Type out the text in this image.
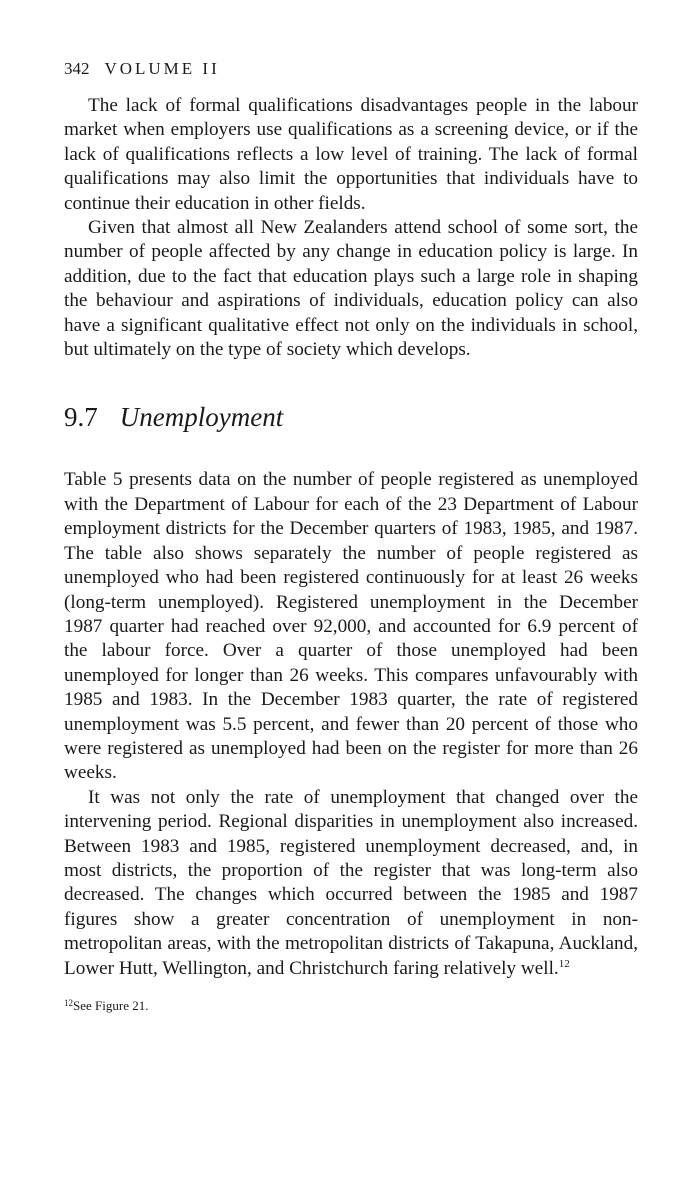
342 VOLUME II

The lack of formal qualifications disadvantages people in the labour market when employers use qualifications as a screening device, or if the lack of qualifications reflects a low level of training. The lack of formal qualifications may also limit the opportunities that individuals have to continue their education in other fields.

Given that almost all New Zealanders attend school of some sort, the number of people affected by any change in education policy is large. In addition, due to the fact that education plays such a large role in shaping the behaviour and aspirations of individuals, education policy can also have a significant qualitative effect not only on the individuals in school, but ultimately on the type of society which develops.

9.7 Unemployment

Table 5 presents data on the number of people registered as unemployed with the Department of Labour for each of the 23 Department of Labour employment districts for the December quarters of 1983, 1985, and 1987. The table also shows separately the number of people registered as unemployed who had been registered continuously for at least 26 weeks (long-term unemployed). Registered unemployment in the December 1987 quarter had reached over 92,000, and accounted for 6.9 percent of the labour force. Over a quarter of those unemployed had been unemployed for longer than 26 weeks. This compares unfavourably with 1985 and 1983. In the December 1983 quarter, the rate of registered unemployment was 5.5 percent, and fewer than 20 percent of those who were registered as unemployed had been on the register for more than 26 weeks.

It was not only the rate of unemployment that changed over the intervening period. Regional disparities in unemployment also increased. Between 1983 and 1985, registered unemployment decreased, and, in most districts, the proportion of the register that was long-term also decreased. The changes which occurred between the 1985 and 1987 figures show a greater concentration of unemployment in non-metropolitan areas, with the metropolitan districts of Takapuna, Auckland, Lower Hutt, Wellington, and Christchurch faring relatively well.$^{12}$

$^{12}$See Figure 21.
